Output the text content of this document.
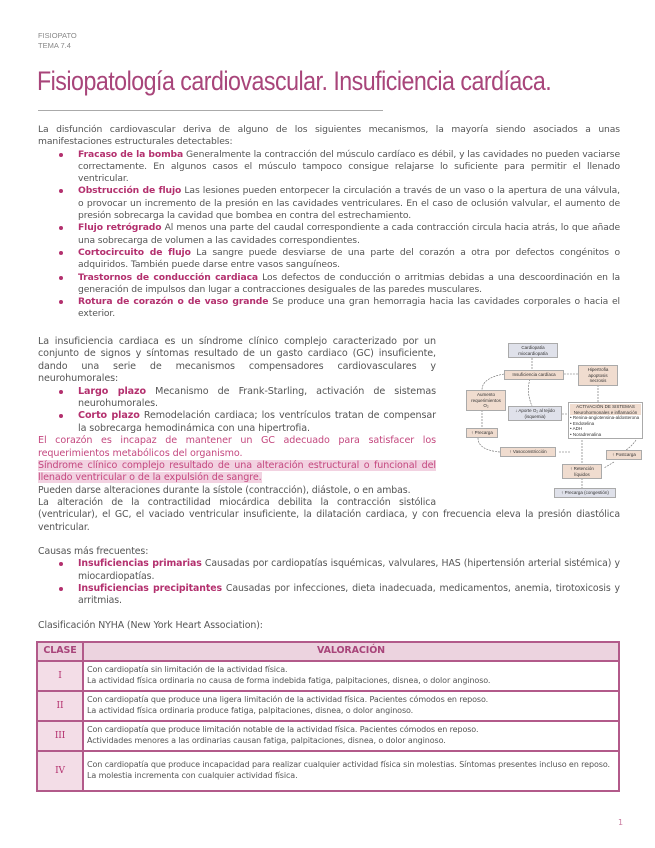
FISIOPATO
TEMA 7.4
Fisiopatología cardiovascular. Insuficiencia cardíaca.

La disfunción cardiovascular deriva de alguno de los siguientes mecanismos, la mayoría siendo asociados a unas manifestaciones estructurales detectables:

Fracaso de la bomba Generalmente la contracción del músculo cardíaco es débil, y las cavidades no pueden vaciarse correctamente. En algunos casos el músculo tampoco consigue relajarse lo suficiente para permitir el llenado ventricular.
Obstrucción de flujo Las lesiones pueden entorpecer la circulación a través de un vaso o la apertura de una válvula, o provocar un incremento de la presión en las cavidades ventriculares. En el caso de oclusión valvular, el aumento de presión sobrecarga la cavidad que bombea en contra del estrechamiento.
Flujo retrógrado Al menos una parte del caudal correspondiente a cada contracción circula hacia atrás, lo que añade una sobrecarga de volumen a las cavidades correspondientes.
Cortocircuito de flujo La sangre puede desviarse de una parte del corazón a otra por defectos congénitos o adquiridos. También puede darse entre vasos sanguíneos.
Trastornos de conducción cardiaca Los defectos de conducción o arritmias debidas a una descoordinación en la generación de impulsos dan lugar a contracciones desiguales de las paredes musculares.
Rotura de corazón o de vaso grande Se produce una gran hemorragia hacia las cavidades corporales o hacia el exterior.

La insuficiencia cardiaca es un síndrome clínico complejo caracterizado por un conjunto de signos y síntomas resultado de un gasto cardiaco (GC) insuficiente, dando una serie de mecanismos compensadores cardiovasculares y neurohumorales:

Largo plazo Mecanismo de Frank-Starling, activación de sistemas neurohumorales.
Corto plazo Remodelación cardiaca; los ventrículos tratan de compensar la sobrecarga hemodinámica con una hipertrofia.

El corazón es incapaz de mantener un GC adecuado para satisfacer los requerimientos metabólicos del organismo.

Síndrome clínico complejo resultado de una alteración estructural o funcional del llenado ventricular o de la expulsión de sangre.

Pueden darse alteraciones durante la sístole (contracción), diástole, o en ambas.

La alteración de la contractilidad miocárdica debilita la contracción sistólica (ventricular), el GC, el vaciado ventricular insuficiente, la dilatación cardiaca, y con frecuencia eleva la presión diastólica ventricular.

Causas más frecuentes:

Insuficiencias primarias Causadas por cardiopatías isquémicas, valvulares, HAS (hipertensión arterial sistémica) y miocardiopatías.
Insuficiencias precipitantes Causadas por infecciones, dieta inadecuada, medicamentos, anemia, tirotoxicosis y arritmias.

Clasificación NYHA (New York Heart Association):

CLASE	VALORACIÓN
I	Con cardiopatía sin limitación de la actividad física.
La actividad física ordinaria no causa de forma indebida fatiga, palpitaciones, disnea, o dolor anginoso.

II	Con cardiopatía que produce una ligera limitación de la actividad física. Pacientes cómodos en reposo.
La actividad física ordinaria produce fatiga, palpitaciones, disnea, o dolor anginoso.

III	Con cardiopatía que produce limitación notable de la actividad física. Pacientes cómodos en reposo.
Actividades menores a las ordinarias causan fatiga, palpitaciones, disnea, o dolor anginoso.

IV	Con cardiopatía que produce incapacidad para realizar cualquier actividad física sin molestias. Síntomas presentes incluso en reposo.
La molestia incrementa con cualquier actividad física.
Cardiopatía miocardiopatía
Insuficiencia cardíaca
Hipertrofia apoptosis necrosis
Aumento requerimientos O₂
↓ Aporte O₂ al tejido (isquemia)
ACTIVACIÓN DE SISTEMAS Neurohormonales e inflamación
• Renina-angiotensina-aldosterona
• Endotelina
• ADH
• Noradrenalina
↑ Precarga
↑ Vasoconstricción
↑ Postcarga
↑ Retención líquidos
↑ Precarga (congestión)
1
